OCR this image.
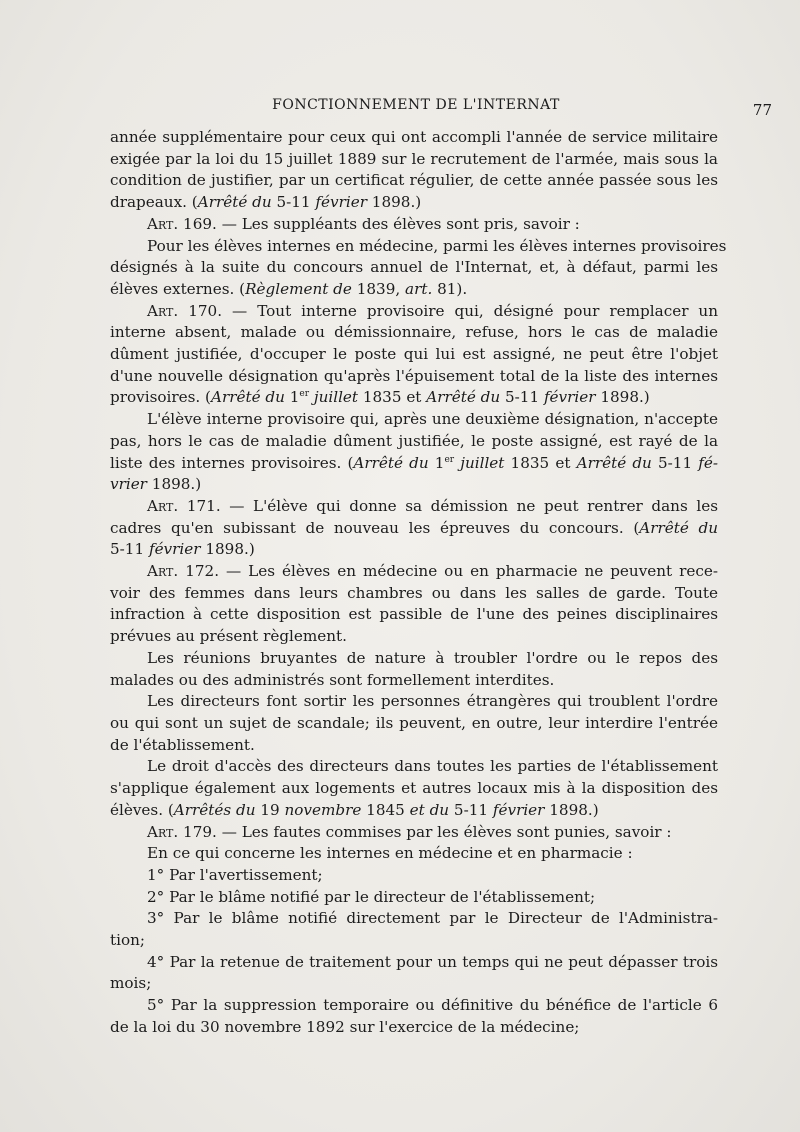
FONCTIONNEMENT DE L'INTERNAT	77
année supplémentaire pour ceux qui ont accompli l'année de service militaire
exigée par la loi du 15 juillet 1889 sur le recrutement de l'armée, mais sous la
condition de justifier, par un certificat régulier, de cette année passée sous les
drapeaux. (Arrêté du 5-11 février 1898.)
Art. 169. — Les suppléants des élèves sont pris, savoir :
Pour les élèves internes en médecine, parmi les élèves internes provisoires
désignés à la suite du concours annuel de l'Internat, et, à défaut, parmi les
élèves externes. (Règlement de 1839, art. 81).
Art. 170. — Tout interne provisoire qui, désigné pour remplacer un
interne absent, malade ou démissionnaire, refuse, hors le cas de maladie
dûment justifiée, d'occuper le poste qui lui est assigné, ne peut être l'objet
d'une nouvelle désignation qu'après l'épuisement total de la liste des internes
provisoires. (Arrêté du 1er juillet 1835 et Arrêté du 5-11 février 1898.)
L'élève interne provisoire qui, après une deuxième désignation, n'accepte
pas, hors le cas de maladie dûment justifiée, le poste assigné, est rayé de la
liste des internes provisoires. (Arrêté du 1er juillet 1835 et Arrêté du 5-11 fé-
vrier 1898.)
Art. 171. — L'élève qui donne sa démission ne peut rentrer dans les
cadres qu'en subissant de nouveau les épreuves du concours. (Arrêté du
5-11 février 1898.)
Art. 172. — Les élèves en médecine ou en pharmacie ne peuvent rece-
voir des femmes dans leurs chambres ou dans les salles de garde. Toute
infraction à cette disposition est passible de l'une des peines disciplinaires
prévues au présent règlement.
Les réunions bruyantes de nature à troubler l'ordre ou le repos des
malades ou des administrés sont formellement interdites.
Les directeurs font sortir les personnes étrangères qui troublent l'ordre
ou qui sont un sujet de scandale; ils peuvent, en outre, leur interdire l'entrée
de l'établissement.
Le droit d'accès des directeurs dans toutes les parties de l'établissement
s'applique également aux logements et autres locaux mis à la disposition des
élèves. (Arrêtés du 19 novembre 1845 et du 5-11 février 1898.)
Art. 179. — Les fautes commises par les élèves sont punies, savoir :
En ce qui concerne les internes en médecine et en pharmacie :
1° Par l'avertissement;
2° Par le blâme notifié par le directeur de l'établissement;
3° Par le blâme notifié directement par le Directeur de l'Administra-
tion;
4° Par la retenue de traitement pour un temps qui ne peut dépasser trois
mois;
5° Par la suppression temporaire ou définitive du bénéfice de l'article 6
de la loi du 30 novembre 1892 sur l'exercice de la médecine;
